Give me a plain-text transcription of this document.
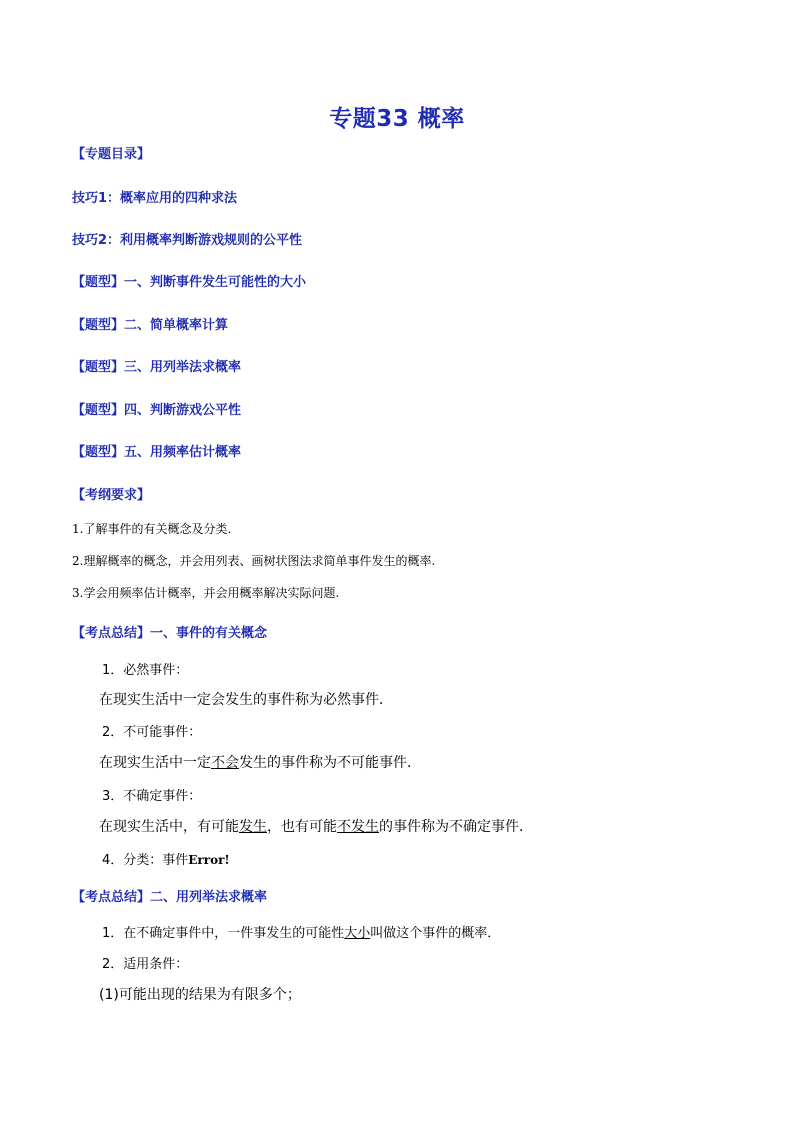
专题33 概率
【专题目录】
技巧1：概率应用的四种求法
技巧2：利用概率判断游戏规则的公平性
【题型】一、判断事件发生可能性的大小
【题型】二、简单概率计算
【题型】三、用列举法求概率
【题型】四、判断游戏公平性
【题型】五、用频率估计概率
【考纲要求】
1.了解事件的有关概念及分类.
2.理解概率的概念，并会用列表、画树状图法求简单事件发生的概率.
3.学会用频率估计概率，并会用概率解决实际问题.
【考点总结】一、事件的有关概念
1．必然事件：
在现实生活中一定会发生的事件称为必然事件．
2．不可能事件：
在现实生活中一定不会发生的事件称为不可能事件．
3．不确定事件：
在现实生活中，有可能发生，也有可能不发生的事件称为不确定事件．
4．分类：事件Error!
【考点总结】二、用列举法求概率
1．在不确定事件中，一件事发生的可能性大小叫做这个事件的概率．
2．适用条件：
(1)可能出现的结果为有限多个；
